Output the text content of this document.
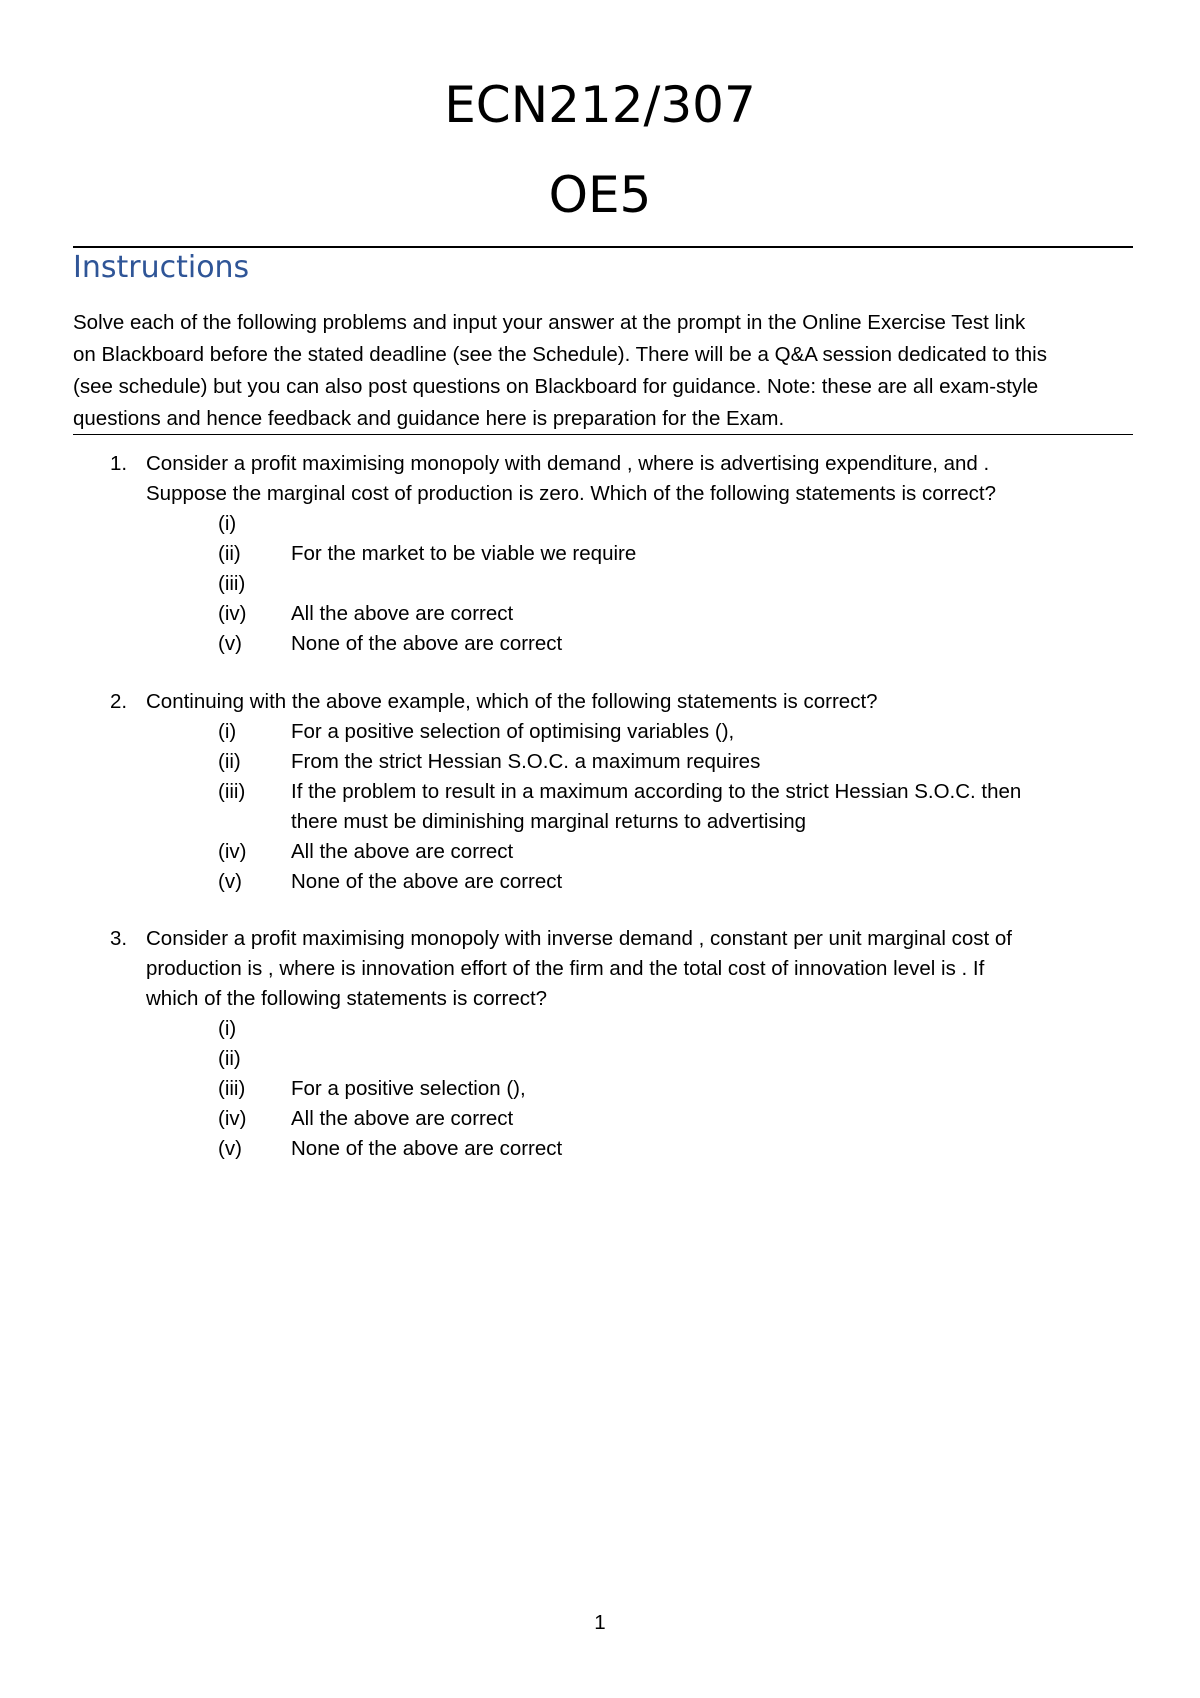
ECN212/307
OE5
Instructions
Solve each of the following problems and input your answer at the prompt in the Online Exercise Test link
on Blackboard before the stated deadline (see the Schedule). There will be a Q&A session dedicated to this
(see schedule) but you can also post questions on Blackboard for guidance. Note: these are all exam-style
questions and hence feedback and guidance here is preparation for the Exam.
1. Consider a profit maximising monopoly with demand , where is advertising expenditure, and .
Suppose the marginal cost of production is zero. Which of the following statements is correct?
(i)
(ii) For the market to be viable we require
(iii)
(iv) All the above are correct
(v) None of the above are correct
2. Continuing with the above example, which of the following statements is correct?
(i)	For a positive selection of optimising variables (),
(ii) From the strict Hessian S.O.C. a maximum requires
(iii) If the problem to result in a maximum according to the strict Hessian S.O.C. then
there must be diminishing marginal returns to advertising
(iv) All the above are correct
(v) None of the above are correct
3. Consider a profit maximising monopoly with inverse demand , constant per unit marginal cost of
production is , where is innovation effort of the firm and the total cost of innovation level is . If
which of the following statements is correct?
(i)
(ii)
(iii) For a positive selection (),
(iv) All the above are correct
(v) None of the above are correct
1
